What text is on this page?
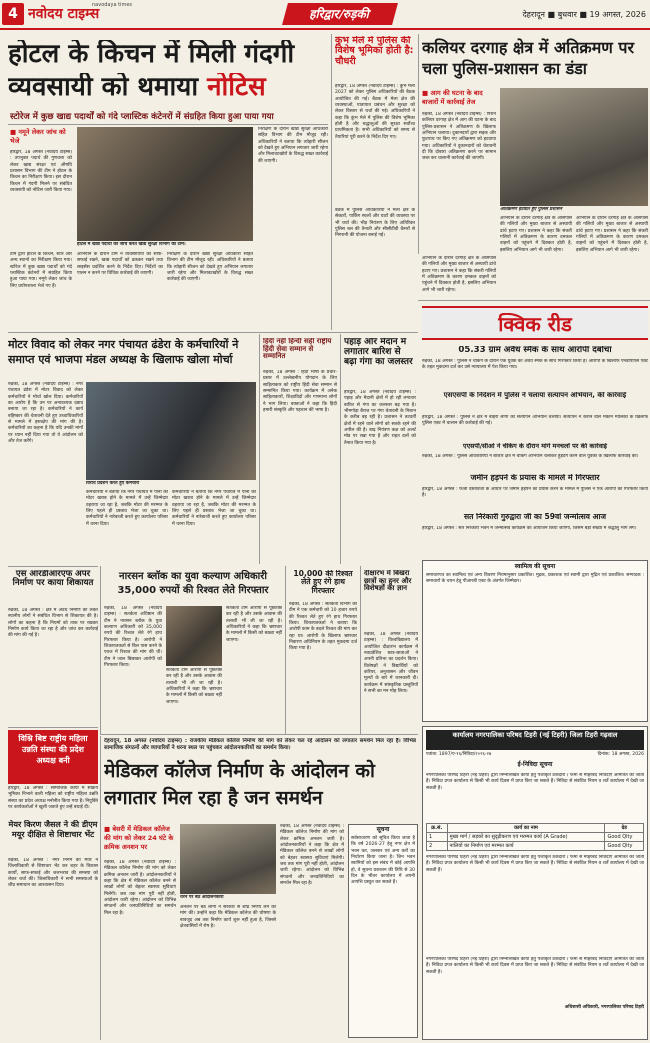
4 नवोदय टाइम्स
navodaya times
हरिद्वार/रुड़की	देहरादून ■ बुधवार ■ 19 अगस्त, 2026
होटल के किचन में मिली गंदगी
व्यवसायी को थमाया नोटिस
स्टोरेज में कुछ खाद्य पदार्थों को गंदे प्लास्टिक कंटेनरों में संग्रहित किया हुआ पाया गया
■ नमूने लेकर जांच को भेजे
हरिद्वार, 18 अगस्त (नवोदय टाइम्स) : उपभुक्त पदार्थ की गुणवत्ता को लेकर खाद्य संरक्षा एवं औषधि प्रशासन विभाग की टीम ने होटल के किचन का निरीक्षण किया। इस दौरान किचन में गंदगी मिलने पर संबंधित व्यवसायी को नोटिस जारी किया गया।
टीम द्वारा होटल के किचन, स्टोर और अन्य स्थानों का निरीक्षण किया गया। स्टोरेज में कुछ खाद्य पदार्थों को गंदे प्लास्टिक कंटेनरों में संग्रहित किया हुआ पाया गया। नमूने लेकर जांच के लिए प्रयोगशाला भेजे गए हैं।
होटल में खाद्य पदार्थों की जांच करते खाद्य सुरक्षा विभाग की टीम।
अभियान के दौरान टीम ने व्यवसायियों को साफ-सफाई रखने, खाद्य पदार्थों को ढककर रखने तथा लाइसेंस प्रदर्शित करने के निर्देश दिए। निर्देशों का पालन न करने पर विधिक कार्रवाई की जाएगी।
निरीक्षण के दौरान खाद्य सुरक्षा अधिकारी सहित विभाग की टीम मौजूद रही। अधिकारियों ने बताया कि त्योहारी सीजन को देखते हुए अभियान लगातार जारी रहेगा और मिलावटखोरों के विरुद्ध सख्त कार्रवाई की जाएगी।
निरीक्षण के दौरान खाद्य सुरक्षा अधिकारी सहित विभाग की टीम मौजूद रही। अधिकारियों ने बताया कि त्योहारी सीजन को देखते हुए अभियान लगातार जारी रहेगा और मिलावटखोरों के विरुद्ध सख्त कार्रवाई की जाएगी।
कुंभ मेले में पुलिस की विशेष भूमिका होती है: चौधरी
हरिद्वार, 18 अगस्त (नवोदय टाइम्स) : कुंभ मेला 2027 को लेकर पुलिस अधिकारियों की बैठक आयोजित की गई। बैठक में मेला क्षेत्र की व्यवस्थाओं, यातायात प्रबंधन और सुरक्षा को लेकर विस्तार से चर्चा की गई। अधिकारियों ने कहा कि कुंभ मेले में पुलिस की विशेष भूमिका होती है और श्रद्धालुओं की सुरक्षा सर्वोच्च प्राथमिकता है। सभी अधिकारियों को समय से तैयारियां पूरी करने के निर्देश दिए गए।
बैठक में पुलिस अधिकारियों ने मेला क्षेत्र के सेक्टरों, पार्किंग स्थलों और घाटों की व्यवस्था पर भी चर्चा की। भीड़ नियंत्रण के लिए अतिरिक्त पुलिस बल की तैनाती और सीसीटीवी कैमरों से निगरानी की योजना बनाई गई।
कलियर दरगाह क्षेत्र में अतिक्रमण पर चला पुलिस-प्रशासन का डंडा
■ आग की घटना के बाद बाजारों में कार्रवाई तेज
रुड़की, 18 अगस्त (नवोदय टाइम्स) : पिरान कलियर दरगाह क्षेत्र में आग की घटना के बाद पुलिस-प्रशासन ने अतिक्रमण के खिलाफ अभियान चलाया। दुकानदारों द्वारा सड़क और फुटपाथ पर किए गए अतिक्रमण को हटवाया गया। अधिकारियों ने दुकानदारों को चेतावनी दी कि दोबारा अतिक्रमण करने पर सामान जब्त कर चालानी कार्रवाई की जाएगी।
अतिक्रमण हटवाते हुए पुलिस प्रशासन
अभियान के दौरान दरगाह क्षेत्र के आसपास की गलियों और मुख्य बाजार से अस्थायी ढांचे हटाए गए। प्रशासन ने कहा कि संकरी गलियों में अतिक्रमण के कारण दमकल वाहनों को पहुंचने में दिक्कत होती है, इसलिए अभियान आगे भी जारी रहेगा।
अभियान के दौरान दरगाह क्षेत्र के आसपास की गलियों और मुख्य बाजार से अस्थायी ढांचे हटाए गए। प्रशासन ने कहा कि संकरी गलियों में अतिक्रमण के कारण दमकल वाहनों को पहुंचने में दिक्कत होती है, इसलिए अभियान आगे भी जारी रहेगा।
अभियान के दौरान दरगाह क्षेत्र के आसपास की गलियों और मुख्य बाजार से अस्थायी ढांचे हटाए गए। प्रशासन ने कहा कि संकरी गलियों में अतिक्रमण के कारण दमकल वाहनों को पहुंचने में दिक्कत होती है, इसलिए अभियान आगे भी जारी रहेगा।
क्विक रीड
05.33 ग्राम अवैध स्मैक के साथ आरोपी दबोचा
रुड़की, 18 अगस्त : पुलिस ने चेकिंग के दौरान एक युवक को अवैध स्मैक के साथ गिरफ्तार किया है। आरोपी के खिलाफ एनडीपीएस एक्ट के तहत मुकदमा दर्ज कर उसे न्यायालय में पेश किया गया।
एसएसपी के निर्देशन में पुलिस ने चलाया सत्यापन अभियान, की कार्रवाई
हरिद्वार, 18 अगस्त : पुलिस ने क्षेत्र में बाहरी लोगों का सत्यापन अभियान चलाया। सत्यापन न कराने वाले मकान मालिकों के खिलाफ पुलिस एक्ट में चालान की कार्रवाई की गई।
एएसपी/सीओ ने चेकिंग के दौरान मांगे मनचलों पर की कार्रवाई
रुड़की, 18 अगस्त : पुलिस अधिकारियों ने बाजार क्षेत्र में चेकिंग अभियान चलाकर हुड़दंग करने वाले युवकों के खिलाफ कार्रवाई की।
जमीन हड़पने के प्रयास के मामले में गिरफ्तार
हरिद्वार, 18 अगस्त : फर्जी दस्तावेजों के आधार पर जमीन हड़पने का प्रयास करने के मामले में पुलिस ने एक आरोपी को गिरफ्तार किया है।
सत निरंकारी गुरुद्वारा जी का 59वां जन्मोत्सव आज
हरिद्वार, 18 अगस्त : सत निरंकारी भवन में जन्मोत्सव कार्यक्रम का आयोजन किया जाएगा, जिसमें बड़ी संख्या में श्रद्धालु भाग लेंगे।
स्वामित्व की सूचना
समाचारपत्र का स्वामित्व एवं अन्य विवरण नियमानुसार प्रकाशित। मुद्रक, प्रकाशक एवं स्वामी द्वारा मुद्रित एवं प्रकाशित। सम्पादक : समाचारों के चयन हेतु पीआरबी एक्ट के अंतर्गत जिम्मेदार।
मोटर विवाद को लेकर नगर पंचायत ढंडेरा के कर्मचारियों ने समाप्त एवं भाजपा मंडल अध्यक्ष के खिलाफ खोला मोर्चा
रुड़की, 18 अगस्त (नवोदय टाइम्स) : नगर पंचायत ढंडेरा में मोटर विवाद को लेकर कर्मचारियों ने मोर्चा खोल दिया। कर्मचारियों का आरोप है कि उन पर अनावश्यक दबाव बनाया जा रहा है। कर्मचारियों ने कार्य बहिष्कार की चेतावनी देते हुए उच्चाधिकारियों से मामले में हस्तक्षेप की मांग की है। कर्मचारियों का कहना है कि यदि उनकी मांगों पर ध्यान नहीं दिया गया तो वे आंदोलन को और तेज करेंगे।
विरोध प्रदर्शन करते हुए कर्मचारी
कर्मचारियों ने बताया कि नगर पंचायत में पानी की मोटर खराब होने के मामले में उन्हें जिम्मेदार ठहराया जा रहा है, जबकि मोटर की मरम्मत के लिए पहले ही प्रस्ताव भेजा जा चुका था। कर्मचारियों ने नारेबाजी करते हुए कार्यालय परिसर में धरना दिया।
कर्मचारियों ने बताया कि नगर पंचायत में पानी की मोटर खराब होने के मामले में उन्हें जिम्मेदार ठहराया जा रहा है, जबकि मोटर की मरम्मत के लिए पहले ही प्रस्ताव भेजा जा चुका था। कर्मचारियों ने नारेबाजी करते हुए कार्यालय परिसर में धरना दिया।
हिंदी नहीं हिन्दी सही राष्ट्रीय हिंदी सेवा सम्मान से सम्मानित
रुड़की, 18 अगस्त : हिंदी भाषा के प्रचार-प्रसार में उल्लेखनीय योगदान के लिए साहित्यकार को राष्ट्रीय हिंदी सेवा सम्मान से सम्मानित किया गया। कार्यक्रम में अनेक साहित्यकारों, शिक्षाविदों और गणमान्य लोगों ने भाग लिया। वक्ताओं ने कहा कि हिंदी हमारी संस्कृति और पहचान की भाषा है।
पहाड़ और मैदान में लगातार बारिश से बढ़ा गंगा का जलस्तर
हरिद्वार, 18 अगस्त (नवोदय टाइम्स) : पहाड़ और मैदानी क्षेत्रों में हो रही लगातार बारिश से गंगा का जलस्तर बढ़ गया है। भीमगोड़ा बैराज पर गंगा चेतावनी के निशान के करीब बह रही है। प्रशासन ने तटवर्ती क्षेत्रों में रहने वाले लोगों को सतर्क रहने की अपील की है। बाढ़ नियंत्रण कक्ष को अलर्ट मोड पर रखा गया है और राहत दलों को तैनात किया गया है।
एस आरडीआरएफ अपर निर्माण पर काया शिकायत
रुड़की, 18 अगस्त : क्षेत्र में अवैध निर्माण को लेकर स्थानीय लोगों ने संबंधित विभाग से शिकायत की है। लोगों का कहना है कि नियमों को ताक पर रखकर निर्माण कार्य किया जा रहा है और जांच कर कार्रवाई की मांग की गई है।
नारसन ब्लॉक का युवा कल्याण अधिकारी 35,000 रुपयों की रिश्वत लेते गिरफ्तार
रुड़की, 18 अगस्त (नवोदय टाइम्स) : सतर्कता अधिष्ठान की टीम ने नारसन ब्लॉक के युवा कल्याण अधिकारी को 35,000 रुपये की रिश्वत लेते रंगे हाथ गिरफ्तार किया है। आरोपी ने शिकायतकर्ता से बिल पास करने के एवज में रिश्वत की मांग की थी। टीम ने जाल बिछाकर आरोपी को गिरफ्तार किया।
सतर्कता टीम आरोपी से पूछताछ कर रही है और उसके आवास की तलाशी भी ली जा रही है। अधिकारियों ने कहा कि भ्रष्टाचार के मामलों में किसी को बख्शा नहीं जाएगा।
सतर्कता टीम आरोपी से पूछताछ कर रही है और उसके आवास की तलाशी भी ली जा रही है। अधिकारियों ने कहा कि भ्रष्टाचार के मामलों में किसी को बख्शा नहीं जाएगा।
10,000 की रिश्वत लेते हुए रंगे हाथ गिरफ्तार
रुड़की, 18 अगस्त : सतर्कता विभाग की टीम ने एक कर्मचारी को 10 हजार रुपये की रिश्वत लेते हुए रंगे हाथ गिरफ्तार किया। शिकायतकर्ता ने बताया कि आरोपी काम के बदले रिश्वत की मांग कर रहा था। आरोपी के खिलाफ भ्रष्टाचार निवारण अधिनियम के तहत मुकदमा दर्ज किया गया है।
दीक्षारंभ में बिखरा छात्रों का हुनर और विशेषज्ञों का ज्ञान
रुड़की, 18 अगस्त (नवोदय टाइम्स) : विश्वविद्यालय में आयोजित दीक्षारंभ कार्यक्रम में नवप्रवेशित छात्र-छात्राओं ने अपनी प्रतिभा का प्रदर्शन किया। विशेषज्ञों ने विद्यार्थियों को करियर, अनुशासन और जीवन मूल्यों के बारे में जानकारी दी। कार्यक्रम में सांस्कृतिक प्रस्तुतियों ने सभी का मन मोह लिया।
विश्नि बिष्ट राष्ट्रीय महिला उन्नति संस्था की प्रदेश अध्यक्ष बनी
हरिद्वार, 18 अगस्त : सामाजिक कार्यों में सक्रिय भूमिका निभाने वाली महिला को राष्ट्रीय महिला उन्नति संस्था का प्रदेश अध्यक्ष मनोनीत किया गया है। नियुक्ति पर कार्यकर्ताओं ने खुशी जताते हुए उन्हें बधाई दी।
मेयर किरण जैसल ने की डीएम मयूर दीक्षित से शिष्टाचार भेंट
रुड़की, 18 अगस्त : नगर निगम की मेयर ने जिलाधिकारी से शिष्टाचार भेंट कर शहर के विकास कार्यों, साफ-सफाई और जलभराव की समस्या को लेकर चर्चा की। जिलाधिकारी ने सभी समस्याओं के शीघ्र समाधान का आश्वासन दिया।
देहरादून, 18 अगस्त (नवोदय टाइम्स) : राजकीय मेडिकल कॉलेज निर्माण की मांग को लेकर चल रहे आंदोलन को लगातार समर्थन मिल रहा है। विभिन्न सामाजिक संगठनों और व्यापारियों ने धरना स्थल पर पहुंचकर आंदोलनकारियों का समर्थन किया।
मेडिकल कॉलेज निर्माण के आंदोलन को लगातार मिल रहा है जन समर्थन
■ बेसरी में मेडिकल कॉलेज की मांग को लेकर 24 घंटे के क्रमिक अनशन पर
धरने पर बैठे आंदोलनकारी
रुड़की, 18 अगस्त (नवोदय टाइम्स) : मेडिकल कॉलेज निर्माण की मांग को लेकर क्रमिक अनशन जारी है। आंदोलनकारियों ने कहा कि क्षेत्र में मेडिकल कॉलेज बनने से लाखों लोगों को बेहतर स्वास्थ्य सुविधाएं मिलेंगी। जब तक मांग पूरी नहीं होती, आंदोलन जारी रहेगा। आंदोलन को विभिन्न संगठनों और जनप्रतिनिधियों का समर्थन मिल रहा है।
अनशन पर बैठे लोगों ने सरकार से शीघ्र निर्णय लेने की मांग की। उन्होंने कहा कि मेडिकल कॉलेज की घोषणा के बावजूद अब तक निर्माण कार्य शुरू नहीं हुआ है, जिससे क्षेत्रवासियों में रोष है।
रुड़की, 18 अगस्त (नवोदय टाइम्स) : मेडिकल कॉलेज निर्माण की मांग को लेकर क्रमिक अनशन जारी है। आंदोलनकारियों ने कहा कि क्षेत्र में मेडिकल कॉलेज बनने से लाखों लोगों को बेहतर स्वास्थ्य सुविधाएं मिलेंगी। जब तक मांग पूरी नहीं होती, आंदोलन जारी रहेगा। आंदोलन को विभिन्न संगठनों और जनप्रतिनिधियों का समर्थन मिल रहा है।
सूचना
सर्वसाधारण को सूचित किया जाता है कि वर्ष 2026-27 हेतु नगर क्षेत्र में भवन कर, जलकर एवं अन्य करों का निर्धारण किया जाना है। जिन भवन स्वामियों को इस संबंध में कोई आपत्ति हो, वे सूचना प्रकाशन की तिथि से 30 दिन के भीतर कार्यालय में अपनी आपत्ति प्रस्तुत कर सकते हैं।
कार्यालय नगरपालिका परिषद टिहरी (नई टिहरी) जिला टिहरी गढ़वाल
पत्रांक: 1897/ए-१६/निविदा/२०२६-२७	दिनांक: 18 अगस्त, 2026
ई-निविदा सूचना
नगरपालिका परिषद टिहरी (नई टिहरी) द्वारा निम्नलिखित कार्यों हेतु पंजीकृत ठेकेदारों / फर्मों से मोहरबंद निविदाएं आमंत्रित की जाती हैं। निविदा प्रपत्र कार्यालय से किसी भी कार्य दिवस में प्राप्त किए जा सकते हैं। निविदा से संबंधित नियम व शर्तें कार्यालय में देखी जा सकती हैं।
क्र.सं.	कार्य का नाम	ग्रेड
1	मुख्य मार्ग / सड़कों का सुदृढ़ीकरण एवं मरम्मत कार्य (A Grade)	Good Qlty
2	नालियों का निर्माण एवं मरम्मत कार्य	Good Qlty
नगरपालिका परिषद टिहरी (नई टिहरी) द्वारा निम्नलिखित कार्यों हेतु पंजीकृत ठेकेदारों / फर्मों से मोहरबंद निविदाएं आमंत्रित की जाती हैं। निविदा प्रपत्र कार्यालय से किसी भी कार्य दिवस में प्राप्त किए जा सकते हैं। निविदा से संबंधित नियम व शर्तें कार्यालय में देखी जा सकती हैं।
नगरपालिका परिषद टिहरी (नई टिहरी) द्वारा निम्नलिखित कार्यों हेतु पंजीकृत ठेकेदारों / फर्मों से मोहरबंद निविदाएं आमंत्रित की जाती हैं। निविदा प्रपत्र कार्यालय से किसी भी कार्य दिवस में प्राप्त किए जा सकते हैं। निविदा से संबंधित नियम व शर्तें कार्यालय में देखी जा सकती हैं।
अधिशासी अधिकारी, नगरपालिका परिषद टिहरी
